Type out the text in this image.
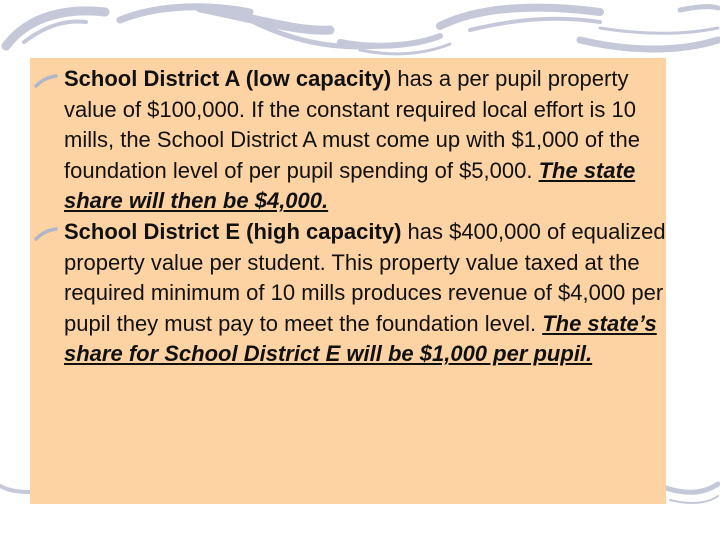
School District A (low capacity) has a per pupil property value of $100,000. If the constant required local effort is 10 mills, the School District A must come up with $1,000 of the foundation level of per pupil spending of $5,000. The state share will then be $4,000.
School District E (high capacity) has $400,000 of equalized property value per student. This property value taxed at the required minimum of 10 mills produces revenue of $4,000 per pupil they must pay to meet the foundation level. The state’s share for School District E will be $1,000 per pupil.
